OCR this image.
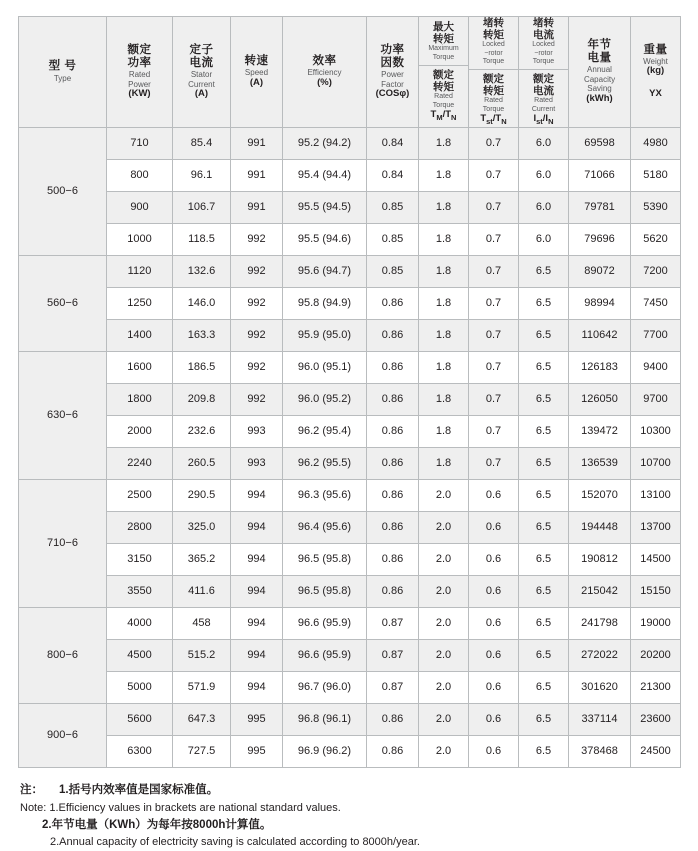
型 号
Type

额定
功率
Rated
Power
(KW)

定子
电流
Stator
Current
(A)

转速
Speed
(A)

效率
Efficiency
(%)

功率
因数
Power
Factor
(COSφ)

最大
转矩
Maximum
Torque
额定
转矩
Rated
Torque
$T_M/T_N$

堵转
转矩
Locked
−rotor
Torque
额定
转矩
Rated
Torque
$T_{st}/T_N$

堵转
电流
Locked
−rotor
Torque
额定
电流
Rated
Current
$I_{st}/I_N$

年节
电量
Annual
Capacity
Saving
(kWh)

重量
Weight
(kg)
YX

500−6	710	85.4	991	95.2 (94.2)	0.84	1.8	0.7	6.0	69598	4980
	800	96.1	991	95.4 (94.4)	0.84	1.8	0.7	6.0	71066	5180
	900	106.7	991	95.5 (94.5)	0.85	1.8	0.7	6.0	79781	5390
	1000	118.5	992	95.5 (94.6)	0.85	1.8	0.7	6.0	79696	5620
560−6	1120	132.6	992	95.6 (94.7)	0.85	1.8	0.7	6.5	89072	7200
	1250	146.0	992	95.8 (94.9)	0.86	1.8	0.7	6.5	98994	7450
	1400	163.3	992	95.9 (95.0)	0.86	1.8	0.7	6.5	110642	7700
630−6	1600	186.5	992	96.0 (95.1)	0.86	1.8	0.7	6.5	126183	9400
	1800	209.8	992	96.0 (95.2)	0.86	1.8	0.7	6.5	126050	9700
	2000	232.6	993	96.2 (95.4)	0.86	1.8	0.7	6.5	139472	10300
	2240	260.5	993	96.2 (95.5)	0.86	1.8	0.7	6.5	136539	10700
710−6	2500	290.5	994	96.3 (95.6)	0.86	2.0	0.6	6.5	152070	13100
	2800	325.0	994	96.4 (95.6)	0.86	2.0	0.6	6.5	194448	13700
	3150	365.2	994	96.5 (95.8)	0.86	2.0	0.6	6.5	190812	14500
	3550	411.6	994	96.5 (95.8)	0.86	2.0	0.6	6.5	215042	15150
800−6	4000	458	994	96.6 (95.9)	0.87	2.0	0.6	6.5	241798	19000
	4500	515.2	994	96.6 (95.9)	0.87	2.0	0.6	6.5	272022	20200
	5000	571.9	994	96.7 (96.0)	0.87	2.0	0.6	6.5	301620	21300
900−6	5600	647.3	995	96.8 (96.1)	0.86	2.0	0.6	6.5	337114	23600
	6300	727.5	995	96.9 (96.2)	0.86	2.0	0.6	6.5	378468	24500
注： 1.括号内效率值是国家标准值。
Note: 1.Efficiency values in brackets are national standard values.
2.年节电量（KWh）为每年按8000h计算值。
2.Annual capacity of electricity saving is calculated according to 8000h/year.
